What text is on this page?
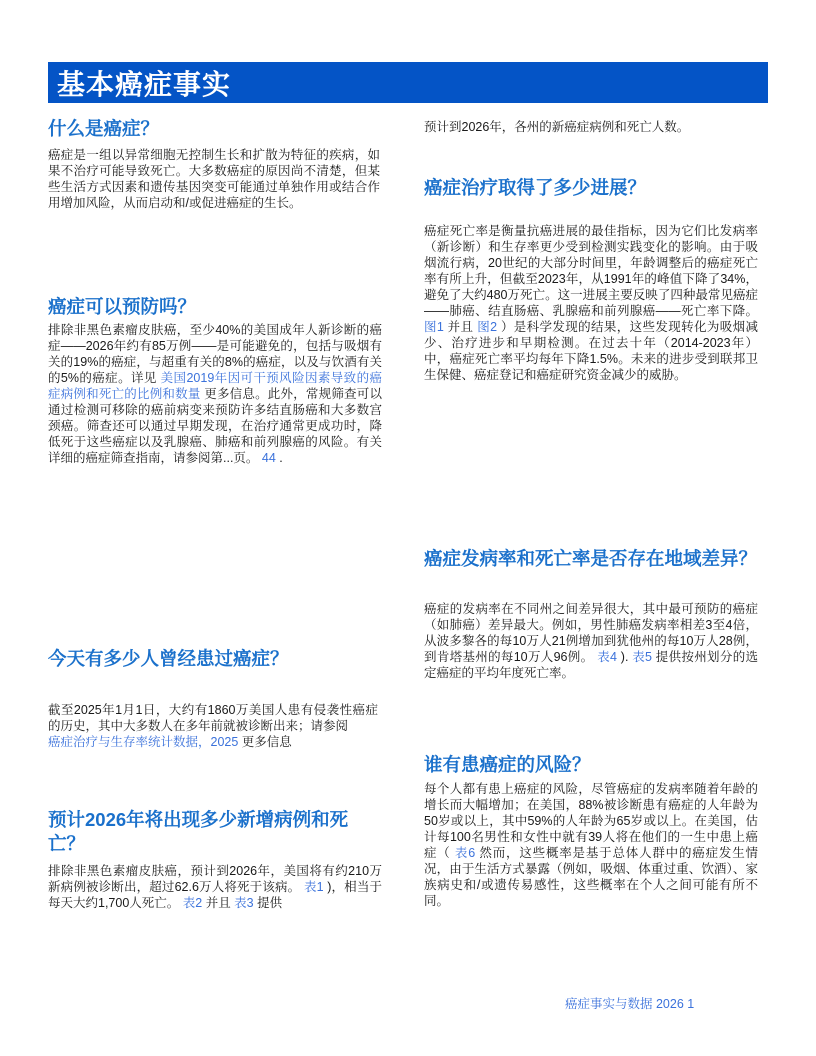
基本癌症事实
什么是癌症？
癌症是一组以异常细胞无控制生长和扩散为特征的疾病，如果不治疗可能导致死亡。大多数癌症的原因尚不清楚，但某些生活方式因素和遗传基因突变可能通过单独作用或结合作用增加风险，从而启动和/或促进癌症的生长。
癌症可以预防吗？
排除非黑色素瘤皮肤癌，至少40%的美国成年人新诊断的癌症——2026年约有85万例——是可能避免的，包括与吸烟有关的19%的癌症，与超重有关的8%的癌症，以及与饮酒有关的5%的癌症。详见 美国2019年因可干预风险因素导致的癌症病例和死亡的比例和数量 更多信息。此外，常规筛查可以通过检测可移除的癌前病变来预防许多结直肠癌和大多数宫颈癌。筛查还可以通过早期发现，在治疗通常更成功时，降低死于这些癌症以及乳腺癌、肺癌和前列腺癌的风险。有关详细的癌症筛查指南，请参阅第...页。 44 .
今天有多少人曾经患过癌症？
截至2025年1月1日，大约有1860万美国人患有侵袭性癌症的历史，其中大多数人在多年前就被诊断出来；请参阅
癌症治疗与生存率统计数据，2025 更多信息
预计2026年将出现多少新增病例和死亡？
排除非黑色素瘤皮肤癌，预计到2026年，美国将有约210万新病例被诊断出，超过62.6万人将死于该病。 表1 )，相当于每天大约1,700人死亡。 表2 并且 表3 提供
预计到2026年，各州的新癌症病例和死亡人数。
癌症治疗取得了多少进展？
癌症死亡率是衡量抗癌进展的最佳指标，因为它们比发病率（新诊断）和生存率更少受到检测实践变化的影响。由于吸烟流行病，20世纪的大部分时间里，年龄调整后的癌症死亡率有所上升，但截至2023年，从1991年的峰值下降了34%，避免了大约480万死亡。这一进展主要反映了四种最常见癌症——肺癌、结直肠癌、乳腺癌和前列腺癌——死亡率下降。 图1 并且 图2 ）是科学发现的结果，这些发现转化为吸烟减少、治疗进步和早期检测。在过去十年（2014-2023年）中，癌症死亡率平均每年下降1.5%。未来的进步受到联邦卫生保健、癌症登记和癌症研究资金减少的威胁。
癌症发病率和死亡率是否存在地域差异？
癌症的发病率在不同州之间差异很大，其中最可预防的癌症（如肺癌）差异最大。例如，男性肺癌发病率相差3至4倍，从波多黎各的每10万人21例增加到犹他州的每10万人28例，到肯塔基州的每10万人96例。 表4 ). 表5 提供按州划分的选定癌症的平均年度死亡率。
谁有患癌症的风险？
每个人都有患上癌症的风险，尽管癌症的发病率随着年龄的增长而大幅增加；在美国，88%被诊断患有癌症的人年龄为50岁或以上，其中59%的人年龄为65岁或以上。在美国，估计每100名男性和女性中就有39人将在他们的一生中患上癌症（ 表6 然而，这些概率是基于总体人群中的癌症发生情况，由于生活方式暴露（例如，吸烟、体重过重、饮酒）、家族病史和/或遗传易感性，这些概率在个人之间可能有所不同。
癌症事实与数据 2026 1
